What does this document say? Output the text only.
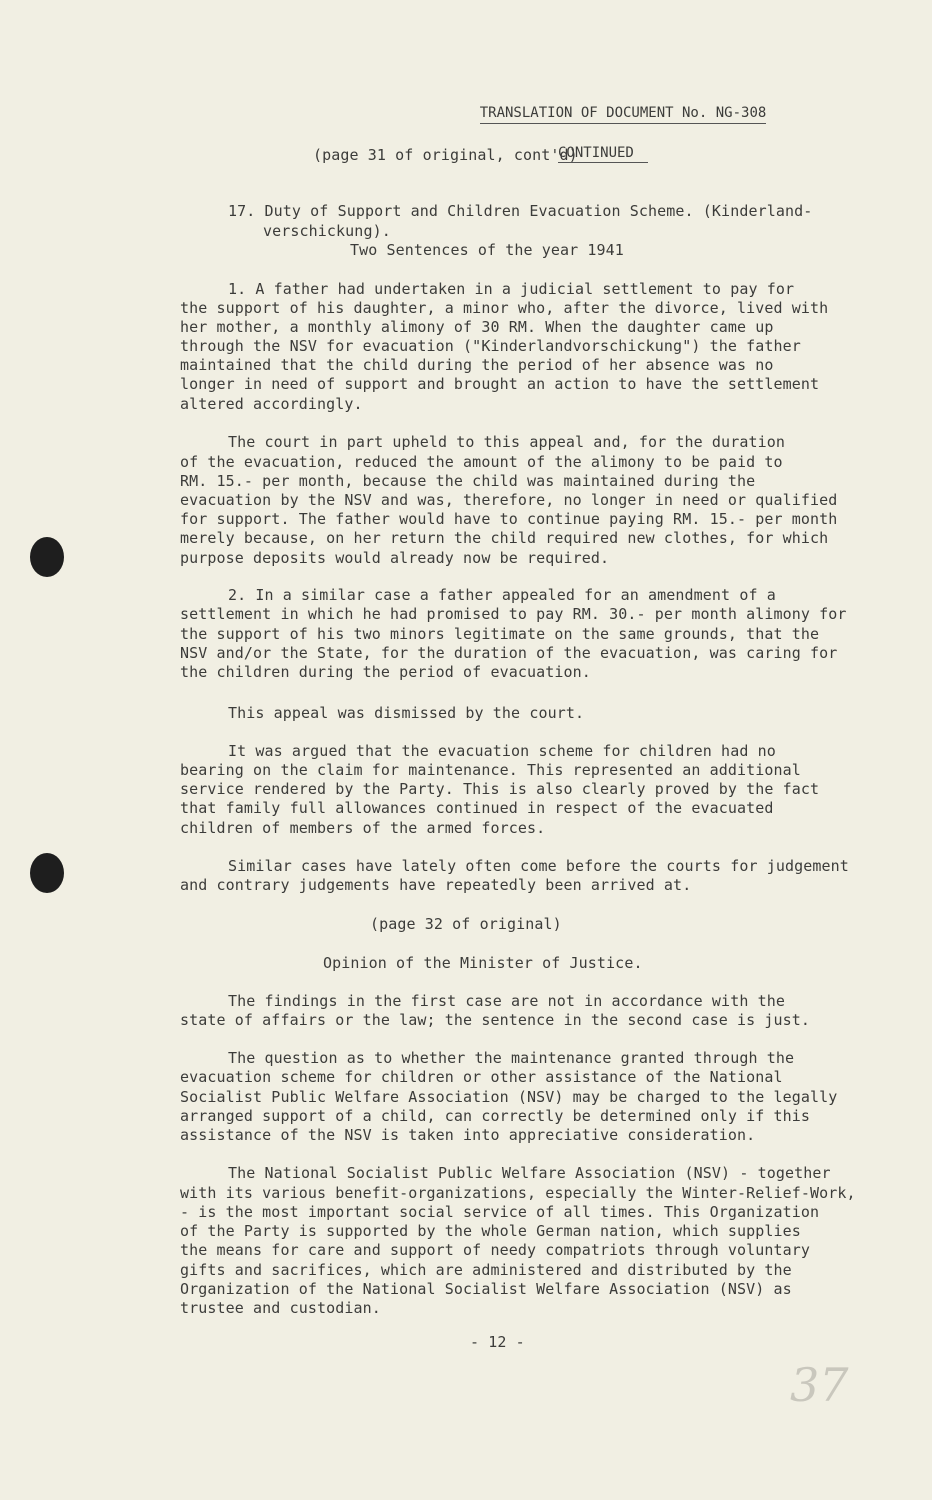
TRANSLATION OF DOCUMENT No. NG-308

CONTINUED

(page 31 of original, cont'd)
17. Duty of Support and Children Evacuation Scheme. (Kinderland-
verschickung).
Two Sentences of the year 1941
1. A father had undertaken in a judicial settlement to pay for
the support of his daughter, a minor who, after the divorce, lived with
her mother, a monthly alimony of 30 RM. When the daughter came up
through the NSV for evacuation ("Kinderlandvorschickung") the father
maintained that the child during the period of her absence was no
longer in need of support and brought an action to have the settlement
altered accordingly.
The court in part upheld to this appeal and, for the duration
of the evacuation, reduced the amount of the alimony to be paid to
RM. 15.- per month, because the child was maintained during the
evacuation by the NSV and was, therefore, no longer in need or qualified
for support. The father would have to continue paying RM. 15.- per month
merely because, on her return the child required new clothes, for which
purpose deposits would already now be required.
2. In a similar case a father appealed for an amendment of a
settlement in which he had promised to pay RM. 30.- per month alimony for
the support of his two minors legitimate on the same grounds, that the
NSV and/or the State, for the duration of the evacuation, was caring for
the children during the period of evacuation.
This appeal was dismissed by the court.
It was argued that the evacuation scheme for children had no
bearing on the claim for maintenance. This represented an additional
service rendered by the Party. This is also clearly proved by the fact
that family full allowances continued in respect of the evacuated
children of members of the armed forces.
Similar cases have lately often come before the courts for judgement
and contrary judgements have repeatedly been arrived at.
(page 32 of original)
Opinion of the Minister of Justice.
The findings in the first case are not in accordance with the
state of affairs or the law; the sentence in the second case is just.
The question as to whether the maintenance granted through the
evacuation scheme for children or other assistance of the National
Socialist Public Welfare Association (NSV) may be charged to the legally
arranged support of a child, can correctly be determined only if this
assistance of the NSV is taken into appreciative consideration.
The National Socialist Public Welfare Association (NSV) - together
with its various benefit-organizations, especially the Winter-Relief-Work,
- is the most important social service of all times. This Organization
of the Party is supported by the whole German nation, which supplies
the means for care and support of needy compatriots through voluntary
gifts and sacrifices, which are administered and distributed by the
Organization of the National Socialist Welfare Association (NSV) as
trustee and custodian.
- 12 -
37
